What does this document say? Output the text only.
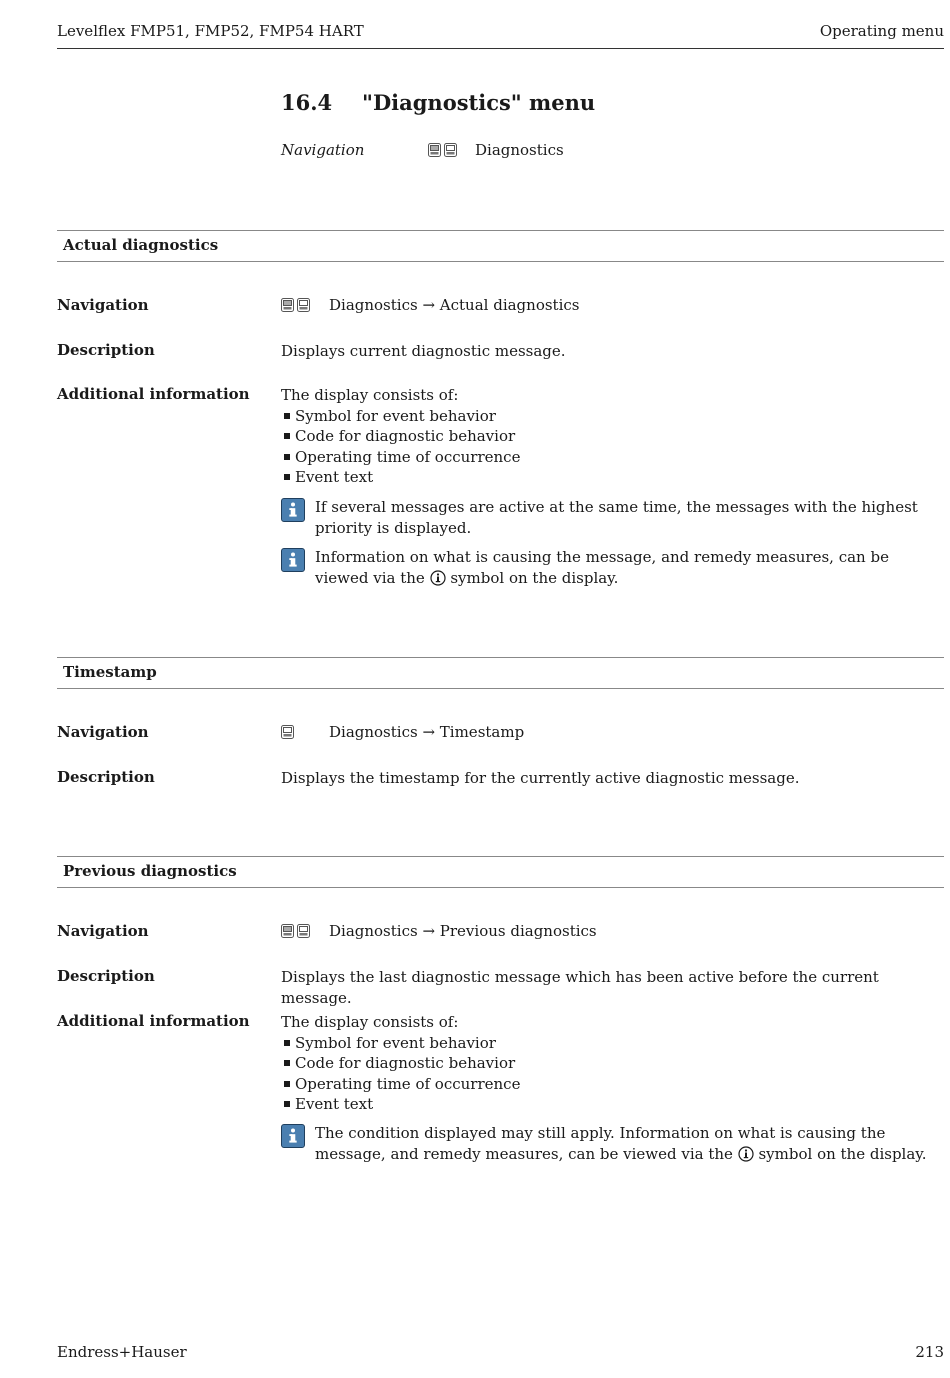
Levelflex FMP51, FMP52, FMP54 HART	Operating menu
16.4 "Diagnostics" menu
Navigation	Diagnostics
Actual diagnostics
Navigation	Diagnostics → Actual diagnostics
Description	Displays current diagnostic message.
Additional information The display consists of:
Symbol for event behavior
Code for diagnostic behavior
Operating time of occurrence
Event text
If several messages are active at the same time, the messages with the highest priority is displayed.
Information on what is causing the message, and remedy measures, can be viewed via the symbol on the display.
Timestamp
Navigation	Diagnostics → Timestamp
Description	Displays the timestamp for the currently active diagnostic message.
Previous diagnostics
Navigation	Diagnostics → Previous diagnostics
Description	Displays the last diagnostic message which has been active before the current message.
Additional information The display consists of:
Symbol for event behavior
Code for diagnostic behavior
Operating time of occurrence
Event text
The condition displayed may still apply. Information on what is causing the message, and remedy measures, can be viewed via the symbol on the display.
Endress+Hauser	213
